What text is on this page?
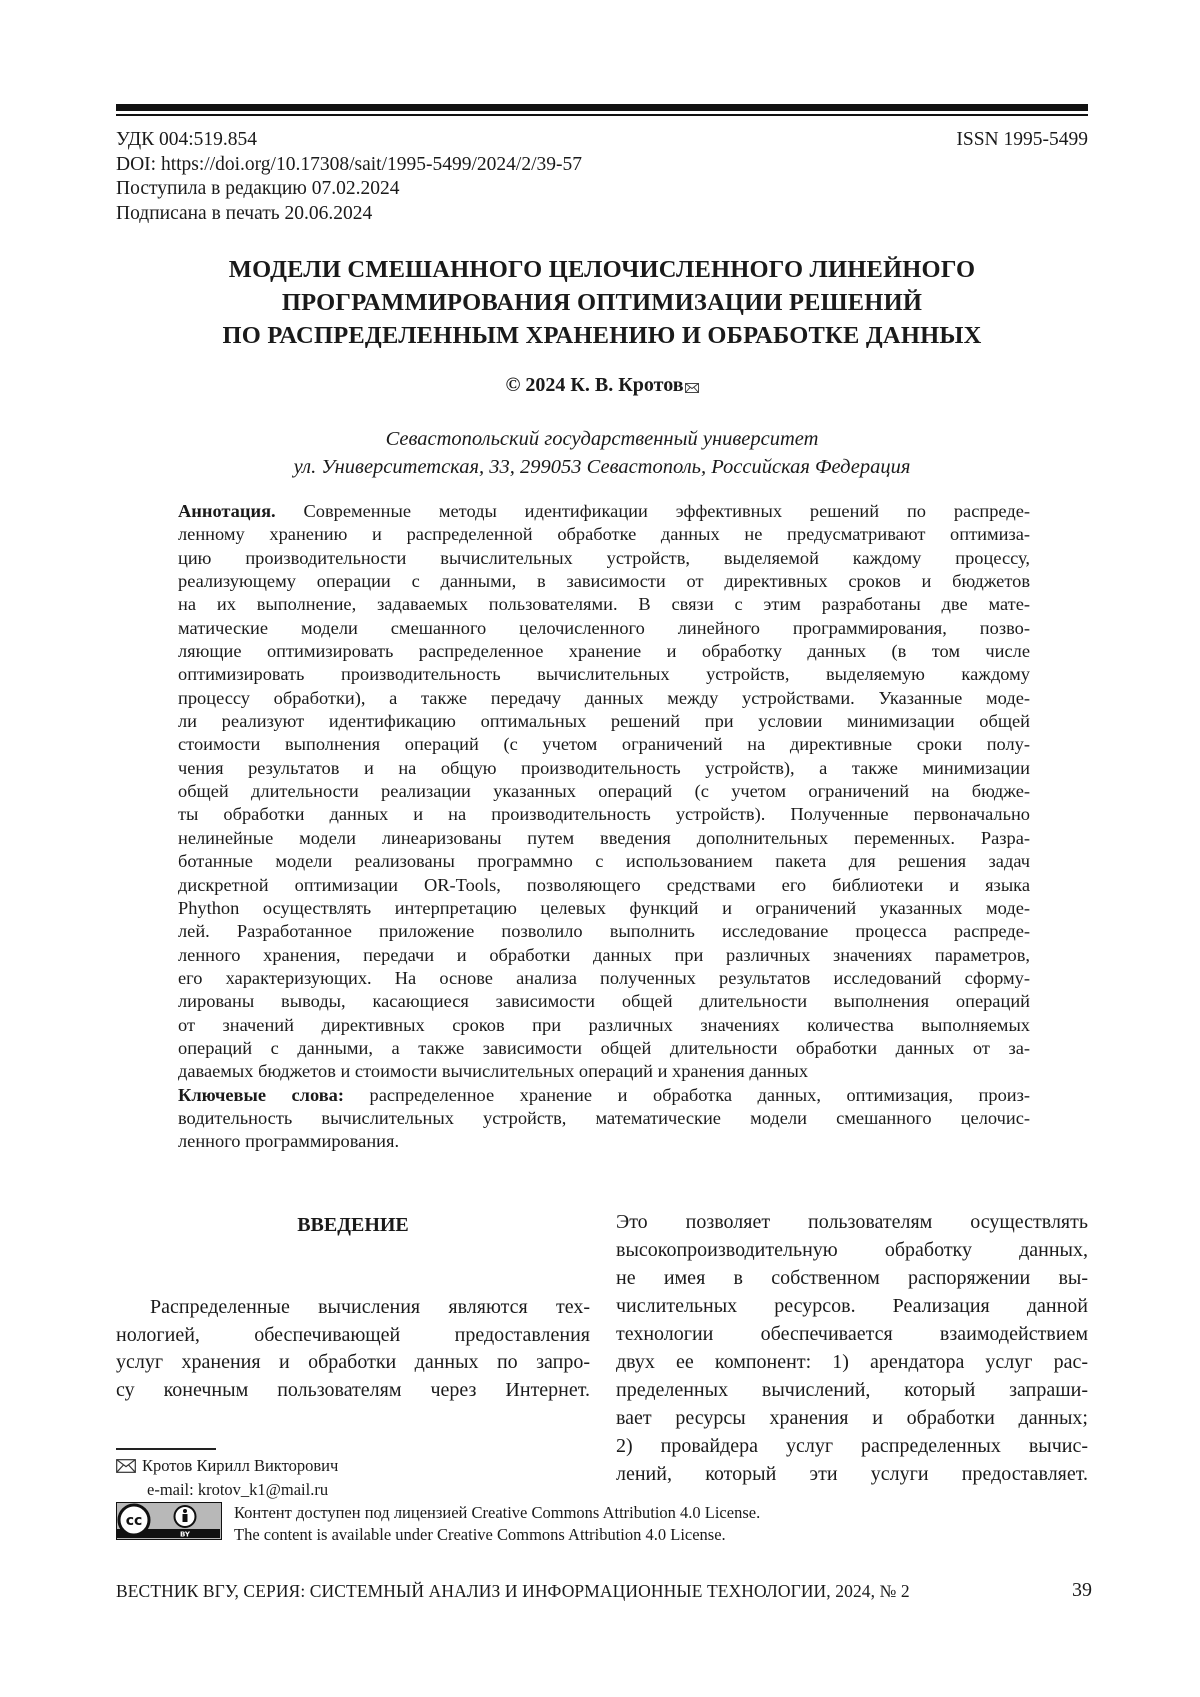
УДК 004:519.854
DOI: https://doi.org/10.17308/sait/1995-5499/2024/2/39-57
Поступила в редакцию 07.02.2024
Подписана в печать 20.06.2024
ISSN 1995-5499
МОДЕЛИ СМЕШАННОГО ЦЕЛОЧИСЛЕННОГО ЛИНЕЙНОГО
ПРОГРАММИРОВАНИЯ ОПТИМИЗАЦИИ РЕШЕНИЙ
ПО РАСПРЕДЕЛЕННЫМ ХРАНЕНИЮ И ОБРАБОТКЕ ДАННЫХ
© 2024 К. В. Кротов
Севастопольский государственный университет
ул. Университетская, 33, 299053 Севастополь, Российская Федерация
Аннотация. Современные методы идентификации эффективных решений по распреде-
ленному хранению и распределенной обработке данных не предусматривают оптимиза-
цию производительности вычислительных устройств, выделяемой каждому процессу,
реализующему операции с данными, в зависимости от директивных сроков и бюджетов
на их выполнение, задаваемых пользователями. В связи с этим разработаны две мате-
матические модели смешанного целочисленного линейного программирования, позво-
ляющие оптимизировать распределенное хранение и обработку данных (в том числе
оптимизировать производительность вычислительных устройств, выделяемую каждому
процессу обработки), а также передачу данных между устройствами. Указанные моде-
ли реализуют идентификацию оптимальных решений при условии минимизации общей
стоимости выполнения операций (с учетом ограничений на директивные сроки полу-
чения результатов и на общую производительность устройств), а также минимизации
общей длительности реализации указанных операций (с учетом ограничений на бюдже-
ты обработки данных и на производительность устройств). Полученные первоначально
нелинейные модели линеаризованы путем введения дополнительных переменных. Разра-
ботанные модели реализованы программно с использованием пакета для решения задач
дискретной оптимизации OR-Tools, позволяющего средствами его библиотеки и языка
Phython осуществлять интерпретацию целевых функций и ограничений указанных моде-
лей. Разработанное приложение позволило выполнить исследование процесса распреде-
ленного хранения, передачи и обработки данных при различных значениях параметров,
его характеризующих. На основе анализа полученных результатов исследований сформу-
лированы выводы, касающиеся зависимости общей длительности выполнения операций
от значений директивных сроков при различных значениях количества выполняемых
операций с данными, а также зависимости общей длительности обработки данных от за-
даваемых бюджетов и стоимости вычислительных операций и хранения данных
Ключевые слова: распределенное хранение и обработка данных, оптимизация, произ-
водительность вычислительных устройств, математические модели смешанного целочис-
ленного программирования.
ВВЕДЕНИЕ
Распределенные вычисления являются тех-
нологией, обеспечивающей предоставления
услуг хранения и обработки данных по запро-
су конечным пользователям через Интернет.
Это позволяет пользователям осуществлять
высокопроизводительную обработку данных,
не имея в собственном распоряжении вы-
числительных ресурсов. Реализация данной
технологии обеспечивается взаимодействием
двух ее компонент: 1) арендатора услуг рас-
пределенных вычислений, который запраши-
вает ресурсы хранения и обработки данных;
2) провайдера услуг распределенных вычис-
лений, который эти услуги предоставляет.
Кротов Кирилл Викторович
e-mail: krotov_k1@mail.ru
cc
BY
Контент доступен под лицензией Creative Commons Attribution 4.0 License.
The content is available under Creative Commons Attribution 4.0 License.
ВЕСТНИК ВГУ, СЕРИЯ: СИСТЕМНЫЙ АНАЛИЗ И ИНФОРМАЦИОННЫЕ ТЕХНОЛОГИИ, 2024, № 2	39
